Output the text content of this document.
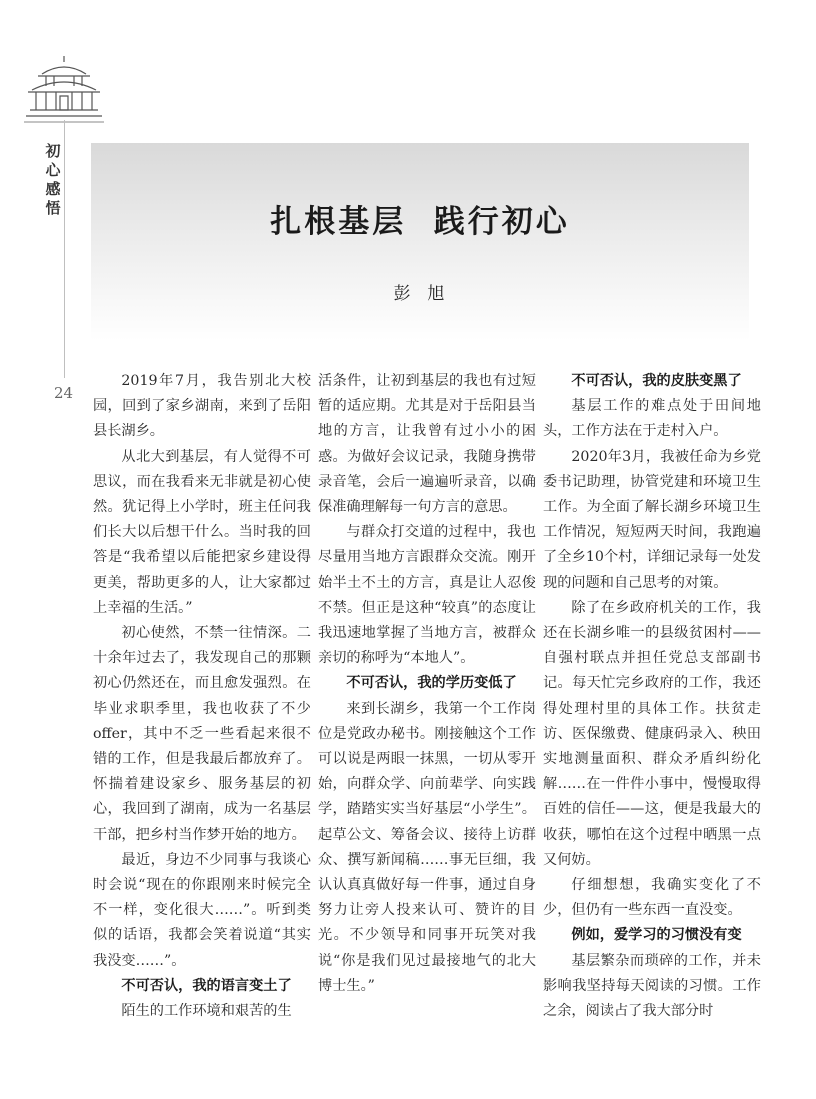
初心感悟
24
扎根基层  践行初心
彭  旭

2019年7月，我告别北大校园，回到了家乡湖南，来到了岳阳县长湖乡。

从北大到基层，有人觉得不可思议，而在我看来无非就是初心使然。犹记得上小学时，班主任问我们长大以后想干什么。当时我的回答是“我希望以后能把家乡建设得更美，帮助更多的人，让大家都过上幸福的生活。”

初心使然，不禁一往情深。二十余年过去了，我发现自己的那颗初心仍然还在，而且愈发强烈。在毕业求职季里，我也收获了不少offer，其中不乏一些看起来很不错的工作，但是我最后都放弃了。怀揣着建设家乡、服务基层的初心，我回到了湖南，成为一名基层干部，把乡村当作梦开始的地方。

最近，身边不少同事与我谈心时会说“现在的你跟刚来时候完全不一样，变化很大……”。听到类似的话语，我都会笑着说道“其实我没变……”。

不可否认，我的语言变土了

陌生的工作环境和艰苦的生

活条件，让初到基层的我也有过短暂的适应期。尤其是对于岳阳县当地的方言，让我曾有过小小的困惑。为做好会议记录，我随身携带录音笔，会后一遍遍听录音，以确保准确理解每一句方言的意思。

与群众打交道的过程中，我也尽量用当地方言跟群众交流。刚开始半土不土的方言，真是让人忍俊不禁。但正是这种“较真”的态度让我迅速地掌握了当地方言，被群众亲切的称呼为“本地人”。

不可否认，我的学历变低了

来到长湖乡，我第一个工作岗位是党政办秘书。刚接触这个工作可以说是两眼一抹黑，一切从零开始，向群众学、向前辈学、向实践学，踏踏实实当好基层“小学生”。起草公文、筹备会议、接待上访群众、撰写新闻稿……事无巨细，我认认真真做好每一件事，通过自身努力让旁人投来认可、赞许的目光。不少领导和同事开玩笑对我说“你是我们见过最接地气的北大博士生。”

不可否认，我的皮肤变黑了

基层工作的难点处于田间地头，工作方法在于走村入户。

2020年3月，我被任命为乡党委书记助理，协管党建和环境卫生工作。为全面了解长湖乡环境卫生工作情况，短短两天时间，我跑遍了全乡10个村，详细记录每一处发现的问题和自己思考的对策。

除了在乡政府机关的工作，我还在长湖乡唯一的县级贫困村——自强村联点并担任党总支部副书记。每天忙完乡政府的工作，我还得处理村里的具体工作。扶贫走访、医保缴费、健康码录入、秧田实地测量面积、群众矛盾纠纷化解……在一件件小事中，慢慢取得百姓的信任——这，便是我最大的收获，哪怕在这个过程中晒黑一点又何妨。

仔细想想，我确实变化了不少，但仍有一些东西一直没变。

例如，爱学习的习惯没有变

基层繁杂而琐碎的工作，并未影响我坚持每天阅读的习惯。工作之余，阅读占了我大部分时
